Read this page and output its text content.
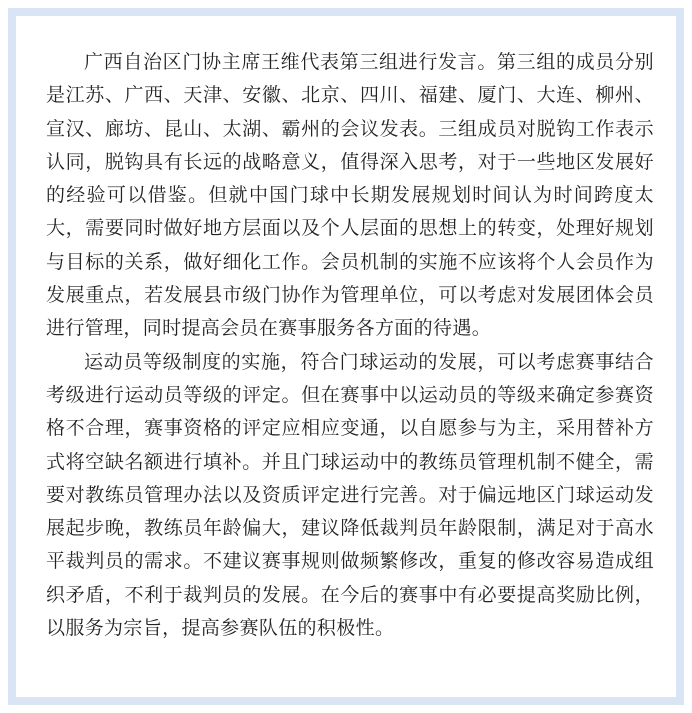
广西自治区门协主席王维代表第三组进行发言。第三组的成员分别是江苏、广西、天津、安徽、北京、四川、福建、厦门、大连、柳州、宣汉、廊坊、昆山、太湖、霸州的会议发表。三组成员对脱钩工作表示认同，脱钩具有长远的战略意义，值得深入思考，对于一些地区发展好的经验可以借鉴。但就中国门球中长期发展规划时间认为时间跨度太大，需要同时做好地方层面以及个人层面的思想上的转变，处理好规划与目标的关系，做好细化工作。会员机制的实施不应该将个人会员作为发展重点，若发展县市级门协作为管理单位，可以考虑对发展团体会员进行管理，同时提高会员在赛事服务各方面的待遇。

运动员等级制度的实施，符合门球运动的发展，可以考虑赛事结合考级进行运动员等级的评定。但在赛事中以运动员的等级来确定参赛资格不合理，赛事资格的评定应相应变通，以自愿参与为主，采用替补方式将空缺名额进行填补。并且门球运动中的教练员管理机制不健全，需要对教练员管理办法以及资质评定进行完善。对于偏远地区门球运动发展起步晚，教练员年龄偏大，建议降低裁判员年龄限制，满足对于高水平裁判员的需求。不建议赛事规则做频繁修改，重复的修改容易造成组织矛盾，不利于裁判员的发展。在今后的赛事中有必要提高奖励比例，以服务为宗旨，提高参赛队伍的积极性。
